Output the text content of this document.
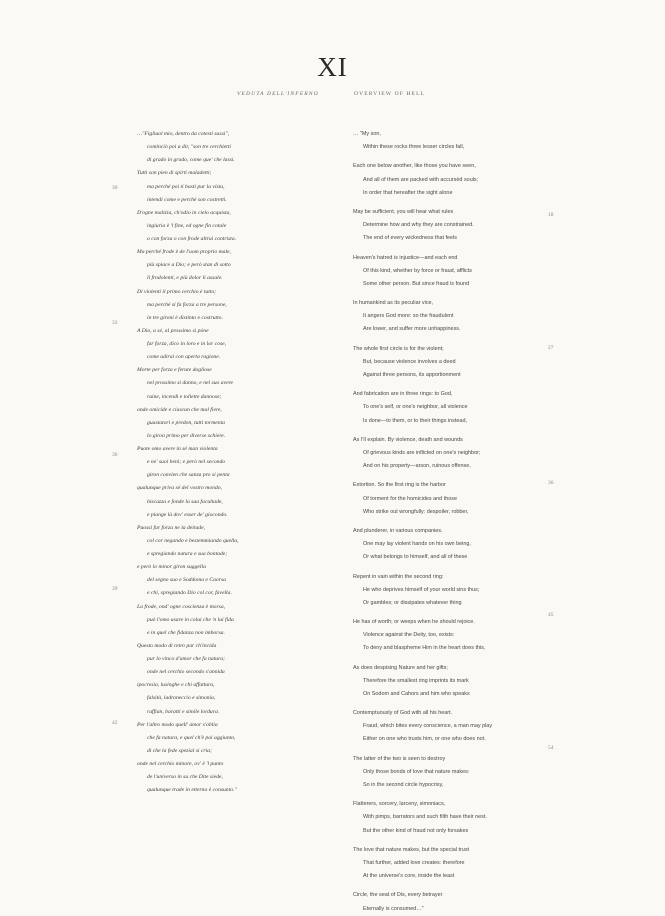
XI
VEDUTA DELL'INFERNO	OVERVIEW OF HELL
…"Figliuol mio, dentro da cotesti sassi",
cominciò poi a dir, "son tre cerchietti
di grado in grado, come que' che lassi.
Tutti son pien di spirti maladetti;
ma perché poi ti basti pur la vista,
intendi come e perché son costretti.
D'ogne malizia, ch'odio in cielo acquista,
ingiuria è 'l fine, ed ogne fin cotale
o con forza o con frode altrui contrista.
Ma perché frode è de l'uom proprio male,
più spiace a Dio; e però stan di sotto
li frodolenti, e più dolor li assale.
Di violenti il primo cerchio è tutto;
ma perché si fa forza a tre persone,
in tre gironi è distinto e costrutto.
A Dio, a sé, al prossimo si pòne
far forza, dico in loro e in lor cose,
come udirai con aperta ragione.
Morte per forza e ferute dogliose
nel prossimo si danno, e nel suo avere
ruine, incendi e tollette dannose;
onde omicide e ciascun che mal fiere,
guastatori e predon, tutti tormenta
lo giron primo per diverse schiere.
Puote omo avere in sé man violenta
e ne' suoi beni; e però nel secondo
giron convien che sanza pro si penta
qualunque priva sé del vostro mondo,
biscazza e fonde la sua facultade,
e piange là dov' esser de' giocondo.
Puossi far forza ne la deitade,
col cor negando e bestemmiando quella,
e spregiando natura e sua bontade;
e però lo minor giron suggella
del segno suo e Soddoma e Caorsa
e chi, spregiando Dio col cor, favella.
La frode, ond' ogne coscienza è morsa,
può l'omo usare in colui che 'n lui fida
e in quel che fidanza non imborsa.
Questo modo di retro par ch'incida
pur lo vinco d'amor che fa natura;
onde nel cerchio secondo s'annida
ipocresia, lusinghe e chi affattura,
falsità, ladroneccio e simonia,
ruffian, baratti e simile lordura.
Per l'altro modo quell' amor s'oblia
che fa natura, e quel ch'è poi aggiunto,
di che la fede spezial si cria;
onde nel cerchio minore, ov' è 'l punto
de l'universo in su che Dite siede,
qualunque trade in etterno è consunto."
… "My son,
Within these rocks three lesser circles fall,
Each one below another, like those you have seen,
And all of them are packed with accursèd souls;
In order that hereafter the sight alone
May be sufficient, you will hear what rules
Determine how and why they are constrained.
The end of every wickedness that feels
Heaven's hatred is injustice—and each end
Of this kind, whether by force or fraud, afflicts
Some other person. But since fraud is found
In humankind as its peculiar vice,
It angers God more: so the fraudulent
Are lower, and suffer more unhappiness.
The whole first circle is for the violent;
But, because violence involves a deed
Against three persons, its apportionment
And fabrication are in three rings: to God,
To one's self, or one's neighbor, all violence
Is done—to them, or to their things instead,
As I'll explain. By violence, death and wounds
Of grievous kinds are inflicted on one's neighbor;
And on his property—arson, ruinous offense,
Extortion. So the first ring is the harbor
Of torment for the homicides and those
Who strike out wrongfully: despoiler, robber,
And plunderer, in various companies.
One may lay violent hands on his own being,
Or what belongs to himself, and all of these
Repent in vain within the second ring:
He who deprives himself of your world sins thus;
Or gambles; or dissipates whatever thing
He has of worth; or weeps when he should rejoice.
Violence against the Deity, too, exists:
To deny and blaspheme Him in the heart does this,
As does despising Nature and her gifts;
Therefore the smallest ring imprints its mark
On Sodom and Cahors and him who speaks
Contemptuously of God with all his heart.
Fraud, which bites every conscience, a man may play
Either on one who trusts him, or one who does not.
The latter of the two is seen to destroy
Only those bonds of love that nature makes:
So in the second circle hypocrisy,
Flatterers, sorcery, larceny, simoniacs,
With pimps, barrators and such filth have their nest.
But the other kind of fraud not only forsakes
The love that nature makes, but the special trust
That further, added love creates: therefore
At the universe's core, inside the least
Circle, the seat of Dis, every betrayer
Eternally is consumed…"
30
33
36
39
42
18
27
36
45
54
